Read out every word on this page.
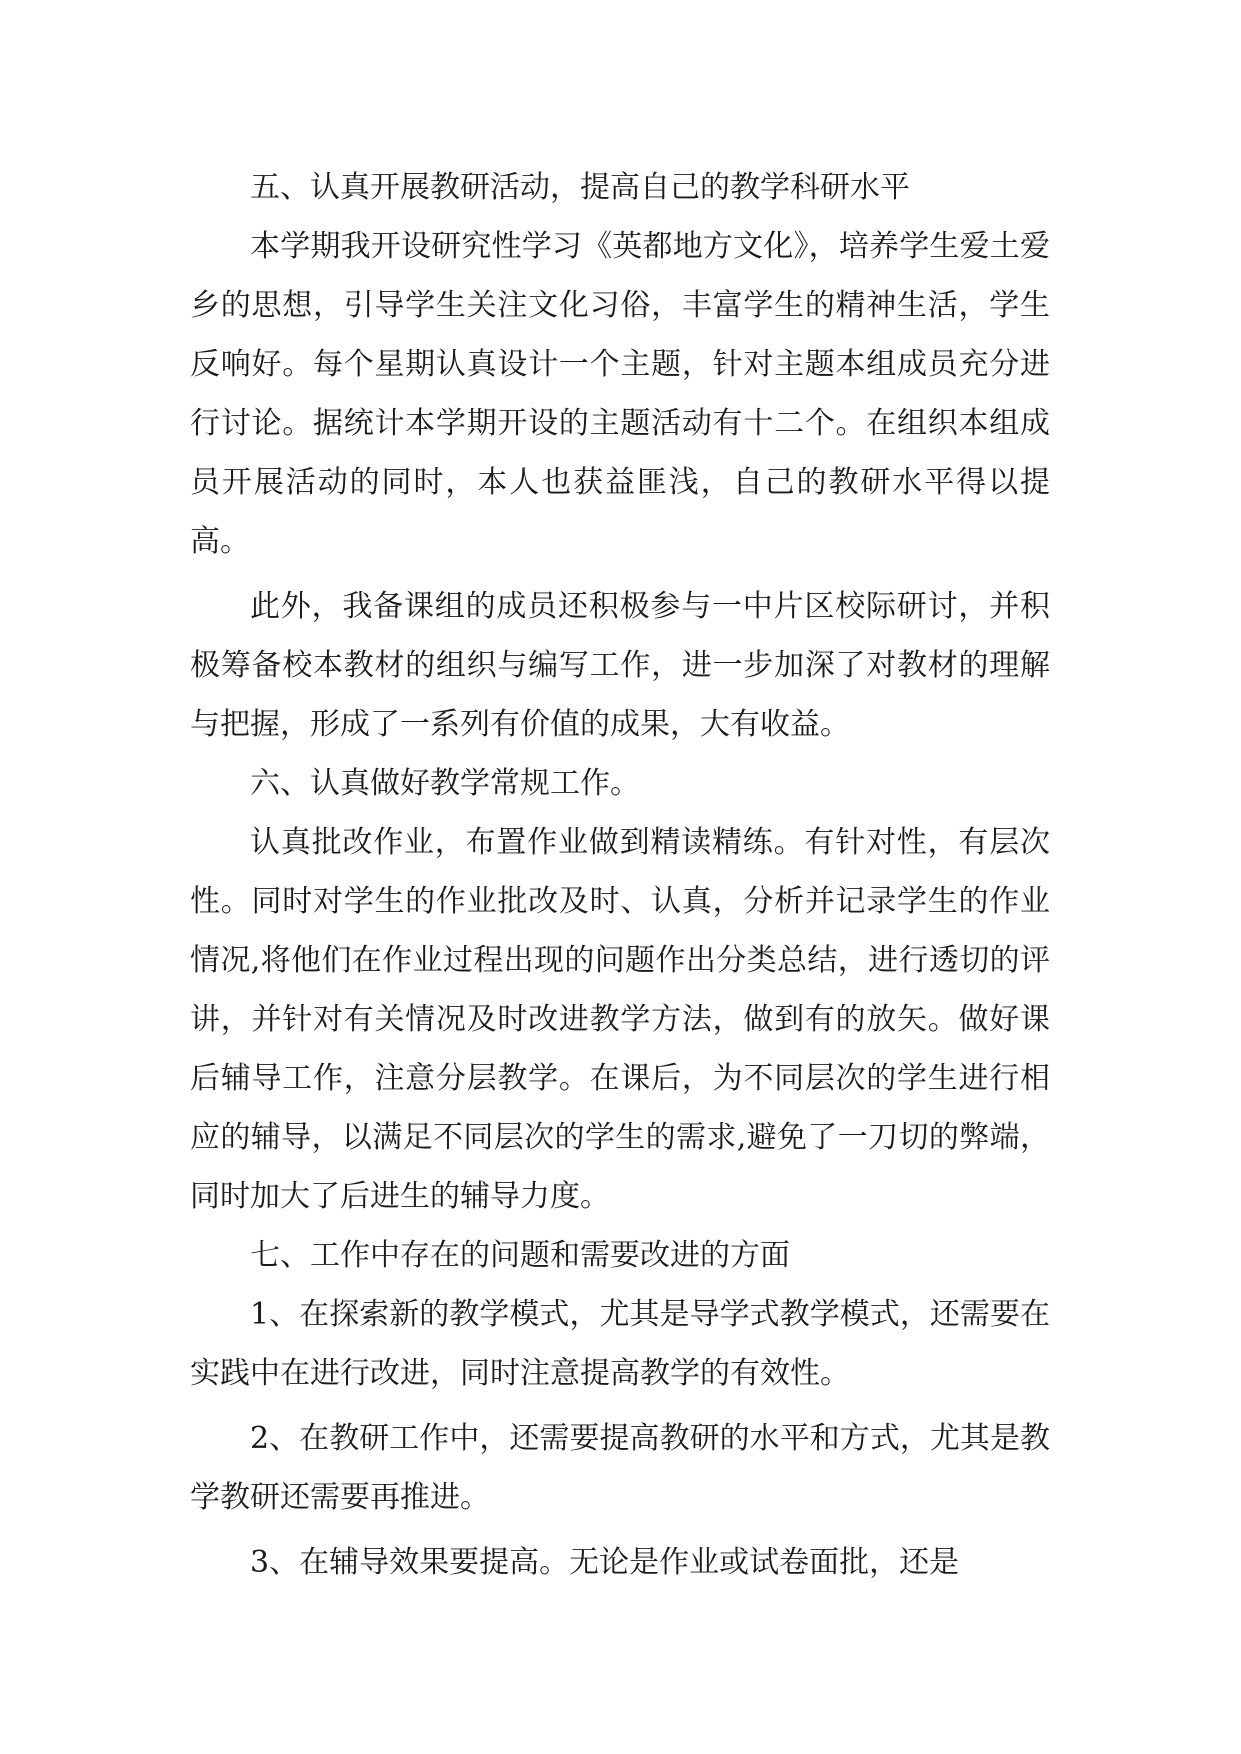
五、认真开展教研活动，提高自己的教学科研水平

本学期我开设研究性学习《英都地方文化》，培养学生爱土爱乡的思想，引导学生关注文化习俗，丰富学生的精神生活，学生反响好。每个星期认真设计一个主题，针对主题本组成员充分进行讨论。据统计本学期开设的主题活动有十二个。在组织本组成员开展活动的同时，本人也获益匪浅，自己的教研水平得以提高。

此外，我备课组的成员还积极参与一中片区校际研讨，并积极筹备校本教材的组织与编写工作，进一步加深了对教材的理解与把握，形成了一系列有价值的成果，大有收益。

六、认真做好教学常规工作。

认真批改作业，布置作业做到精读精练。有针对性，有层次性。同时对学生的作业批改及时、认真，分析并记录学生的作业情况,将他们在作业过程出现的问题作出分类总结，进行透切的评讲，并针对有关情况及时改进教学方法，做到有的放矢。做好课后辅导工作，注意分层教学。在课后，为不同层次的学生进行相应的辅导，以满足不同层次的学生的需求,避免了一刀切的弊端，同时加大了后进生的辅导力度。

七、工作中存在的问题和需要改进的方面

1、在探索新的教学模式，尤其是导学式教学模式，还需要在实践中在进行改进，同时注意提高教学的有效性。

2、在教研工作中，还需要提高教研的水平和方式，尤其是教学教研还需要再推进。

3、在辅导效果要提高。无论是作业或试卷面批，还是
